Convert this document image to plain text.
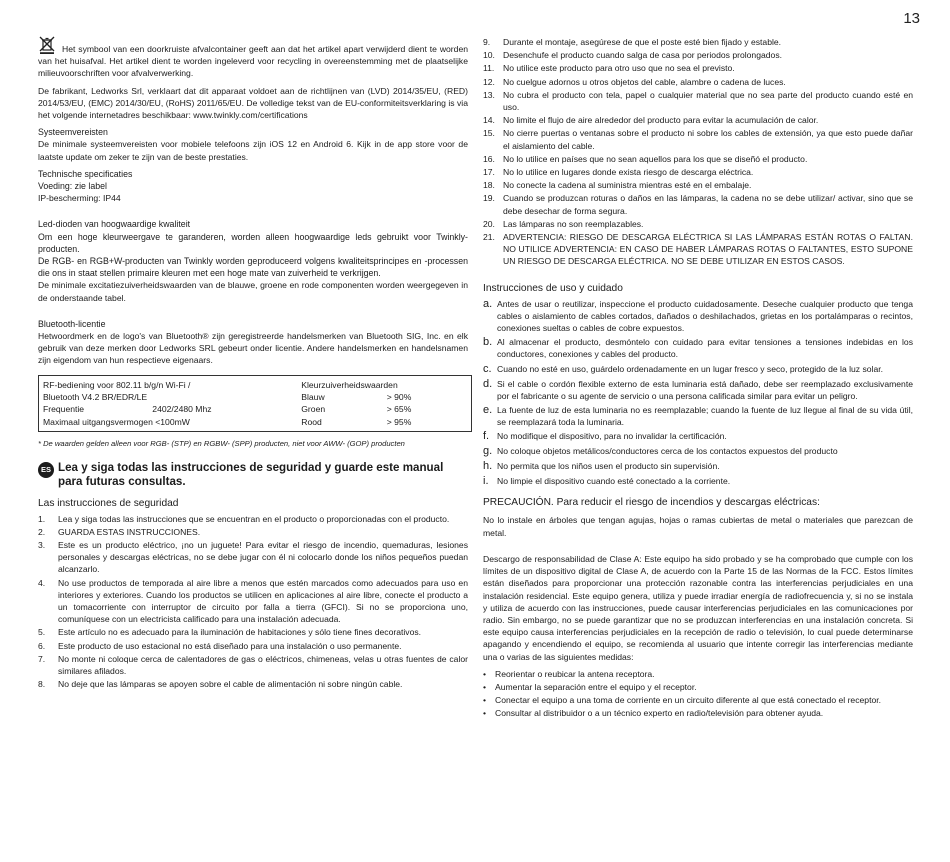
13

Het symbool van een doorkruiste afvalcontainer geeft aan dat het artikel apart verwijderd dient te worden van het huisafval. Het artikel dient te worden ingeleverd voor recycling in overeenstemming met de plaatselijke milieuvoorschriften voor afvalverwerking.

De fabrikant, Ledworks Srl, verklaart dat dit apparaat voldoet aan de richtlijnen van (LVD) 2014/35/EU, (RED) 2014/53/EU, (EMC) 2014/30/EU, (RoHS) 2011/65/EU. De volledige tekst van de EU-conformiteitsverklaring is via het volgende internetadres beschikbaar: www.twinkly.com/certifications

Systeemvereisten

De minimale systeemvereisten voor mobiele telefoons zijn iOS 12 en Android 6. Kijk in de app store voor de laatste update om zeker te zijn van de beste prestaties.

Technische specificaties

Voeding: zie label

IP-bescherming: IP44

Led-dioden van hoogwaardige kwaliteit

Om een hoge kleurweergave te garanderen, worden alleen hoogwaardige leds gebruikt voor Twinkly-producten.

De RGB- en RGB+W-producten van Twinkly worden geproduceerd volgens kwaliteitsprincipes en -processen die ons in staat stellen primaire kleuren met een hoge mate van zuiverheid te verkrijgen.

De minimale excitatiezuiverheidswaarden van de blauwe, groene en rode componenten worden weergegeven in de onderstaande tabel.

Bluetooth-licentie

Hetwoordmerk en de logo's van Bluetooth® zijn geregistreerde handelsmerken van Bluetooth SIG, Inc. en elk gebruik van deze merken door Ledworks SRL gebeurt onder licentie. Andere handelsmerken en handelsnamen zijn eigendom van hun respectieve eigenaars.

RF-bediening voor 802.11 b/g/n Wi-Fi /		Kleurzuiverheidswaarden	
Bluetooth V4.2 BR/EDR/LE		Blauw	> 90%
Frequentie	2402/2480 Mhz	Groen	> 65%
Maximaal uitgangsvermogen <100mW		Rood	> 95%

* De waarden gelden alleen voor RGB- (STP) en RGBW- (SPP) producten, niet voor AWW- (GOP) producten

ES Lea y siga todas las instrucciones de seguridad y guarde este manual para futuras consultas.

Las instrucciones de seguridad

1.	Lea y siga todas las instrucciones que se encuentran en el producto o proporcionadas con el producto.
2.	GUARDA ESTAS INSTRUCCIONES.
3.	Este es un producto eléctrico, ¡no un juguete! Para evitar el riesgo de incendio, quemaduras, lesiones personales y descargas eléctricas, no se debe jugar con él ni colocarlo donde los niños pequeños puedan alcanzarlo.
4.	No use productos de temporada al aire libre a menos que estén marcados como adecuados para uso en interiores y exteriores. Cuando los productos se utilicen en aplicaciones al aire libre, conecte el producto a un tomacorriente con interruptor de circuito por falla a tierra (GFCI). Si no se proporciona uno, comuníquese con un electricista calificado para una instalación adecuada.
5.	Este artículo no es adecuado para la iluminación de habitaciones y sólo tiene fines decorativos.
6.	Este producto de uso estacional no está diseñado para una instalación o uso permanente.
7.	No monte ni coloque cerca de calentadores de gas o eléctricos, chimeneas, velas u otras fuentes de calor similares afilados.
8.	No deje que las lámparas se apoyen sobre el cable de alimentación ni sobre ningún cable.
9.	Durante el montaje, asegúrese de que el poste esté bien fijado y estable.
10. Desenchufe el producto cuando salga de casa por periodos prolongados.
11.	No utilice este producto para otro uso que no sea el previsto.
12. No cuelgue adornos u otros objetos del cable, alambre o cadena de luces.
13. No cubra el producto con tela, papel o cualquier material que no sea parte del producto cuando esté en uso.
14. No limite el flujo de aire alrededor del producto para evitar la acumulación de calor.
15. No cierre puertas o ventanas sobre el producto ni sobre los cables de extensión, ya que esto puede dañar el aislamiento del cable.
16. No lo utilice en países que no sean aquellos para los que se diseñó el producto.
17. No lo utilice en lugares donde exista riesgo de descarga eléctrica.
18. No conecte la cadena al suministra mientras esté en el embalaje.
19. Cuando se produzcan roturas o daños en las lámparas, la cadena no se debe utilizar/ activar, sino que se debe desechar de forma segura.
20. Las lámparas no son reemplazables.
21. ADVERTENCIA: RIESGO DE DESCARGA ELÉCTRICA SI LAS LÁMPARAS ESTÁN ROTAS O FALTAN. NO UTILICE ADVERTENCIA: EN CASO DE HABER LÁMPARAS ROTAS O FALTANTES, ESTO SUPONE UN RIESGO DE DESCARGA ELÉCTRICA. NO SE DEBE UTILIZAR EN ESTOS CASOS.

Instrucciones de uso y cuidado

a. Antes de usar o reutilizar, inspeccione el producto cuidadosamente. Deseche cualquier producto que tenga cables o aislamiento de cables cortados, dañados o deshilachados, grietas en los portalámparas o recintos, conexiones sueltas o cables de cobre expuestos.
b. Al almacenar el producto, desmóntelo con cuidado para evitar tensiones a tensiones indebidas en los conductores, conexiones y cables del producto.
c. Cuando no esté en uso, guárdelo ordenadamente en un lugar fresco y seco, protegido de la luz solar.
d. Si el cable o cordón flexible externo de esta luminaria está dañado, debe ser reemplazado exclusivamente por el fabricante o su agente de servicio o una persona calificada similar para evitar un peligro.
e. La fuente de luz de esta luminaria no es reemplazable; cuando la fuente de luz llegue al final de su vida útil, se reemplazará toda la luminaria.
f. No modifique el dispositivo, para no invalidar la certificación.
g. No coloque objetos metálicos/conductores cerca de los contactos expuestos del producto
h. No permita que los niños usen el producto sin supervisión.
i. No limpie el dispositivo cuando esté conectado a la corriente.

PRECAUCIÓN. Para reducir el riesgo de incendios y descargas eléctricas:

No lo instale en árboles que tengan agujas, hojas o ramas cubiertas de metal o materiales que parezcan de metal.

Descargo de responsabilidad de Clase A: Este equipo ha sido probado y se ha comprobado que cumple con los límites de un dispositivo digital de Clase A, de acuerdo con la Parte 15 de las Normas de la FCC. Estos límites están diseñados para proporcionar una protección razonable contra las interferencias perjudiciales en una instalación residencial. Este equipo genera, utiliza y puede irradiar energía de radiofrecuencia y, si no se instala y utiliza de acuerdo con las instrucciones, puede causar interferencias perjudiciales en las comunicaciones por radio. Sin embargo, no se puede garantizar que no se produzcan interferencias en una instalación concreta. Si este equipo causa interferencias perjudiciales en la recepción de radio o televisión, lo cual puede determinarse apagando y encendiendo el equipo, se recomienda al usuario que intente corregir las interferencias mediante una o varias de las siguientes medidas:

•	Reorientar o reubicar la antena receptora.
•	Aumentar la separación entre el equipo y el receptor.
•	Conectar el equipo a una toma de corriente en un circuito diferente al que está conectado el receptor.
•	Consultar al distribuidor o a un técnico experto en radio/televisión para obtener ayuda.
